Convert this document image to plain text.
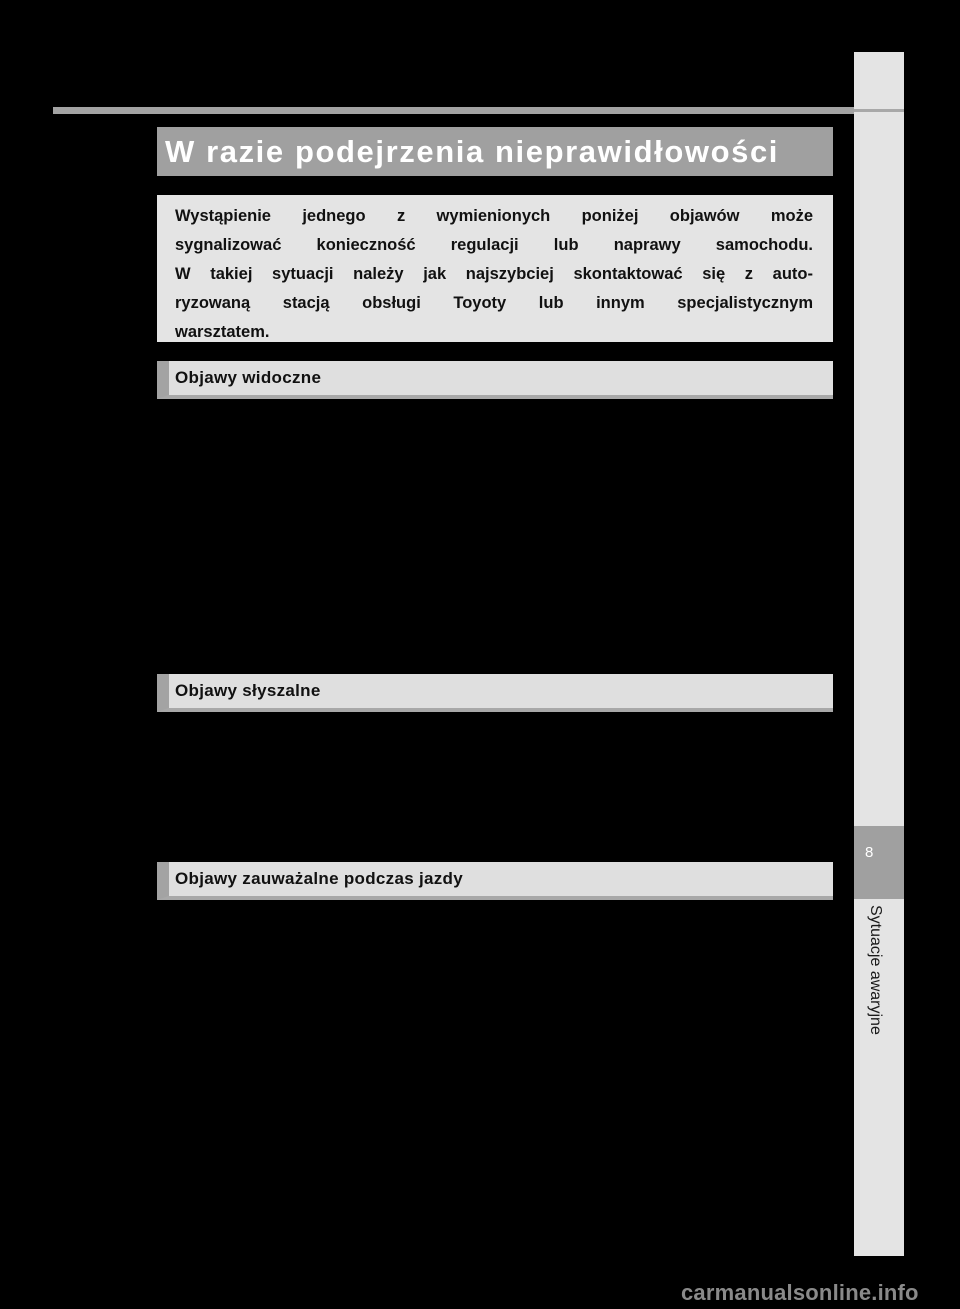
8
Sytuacje awaryjne
W razie podejrzenia nieprawidłowości

Wystąpienie jednego z wymienionych poniżej objawów może

sygnalizować konieczność regulacji lub naprawy samochodu.

W takiej sytuacji należy jak najszybciej skontaktować się z auto-

ryzowaną stacją obsługi Toyoty lub innym specjalistycznym

warsztatem.

Objawy widoczne
Objawy słyszalne
Objawy zauważalne podczas jazdy
carmanualsonline.info
